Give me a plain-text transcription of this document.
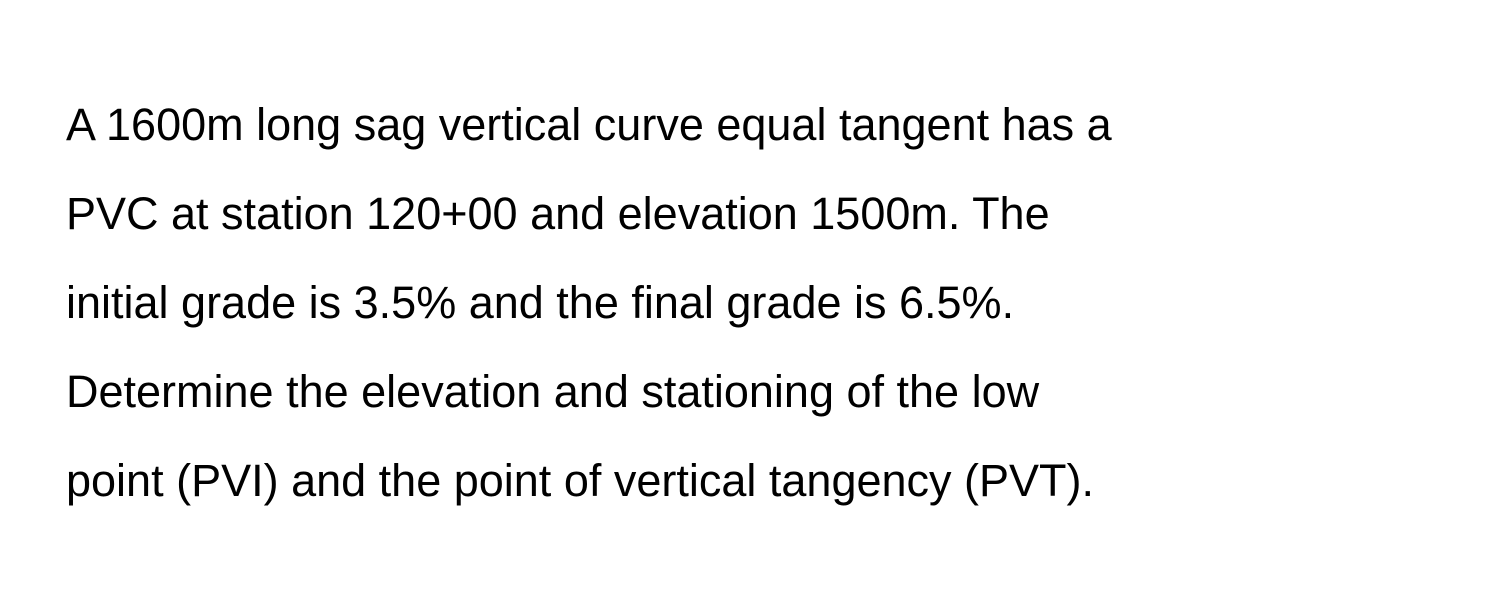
A 1600m long sag vertical curve equal tangent has a
PVC at station 120+00 and elevation 1500m. The
initial grade is 3.5% and the final grade is 6.5%.
Determine the elevation and stationing of the low
point (PVI) and the point of vertical tangency (PVT).
